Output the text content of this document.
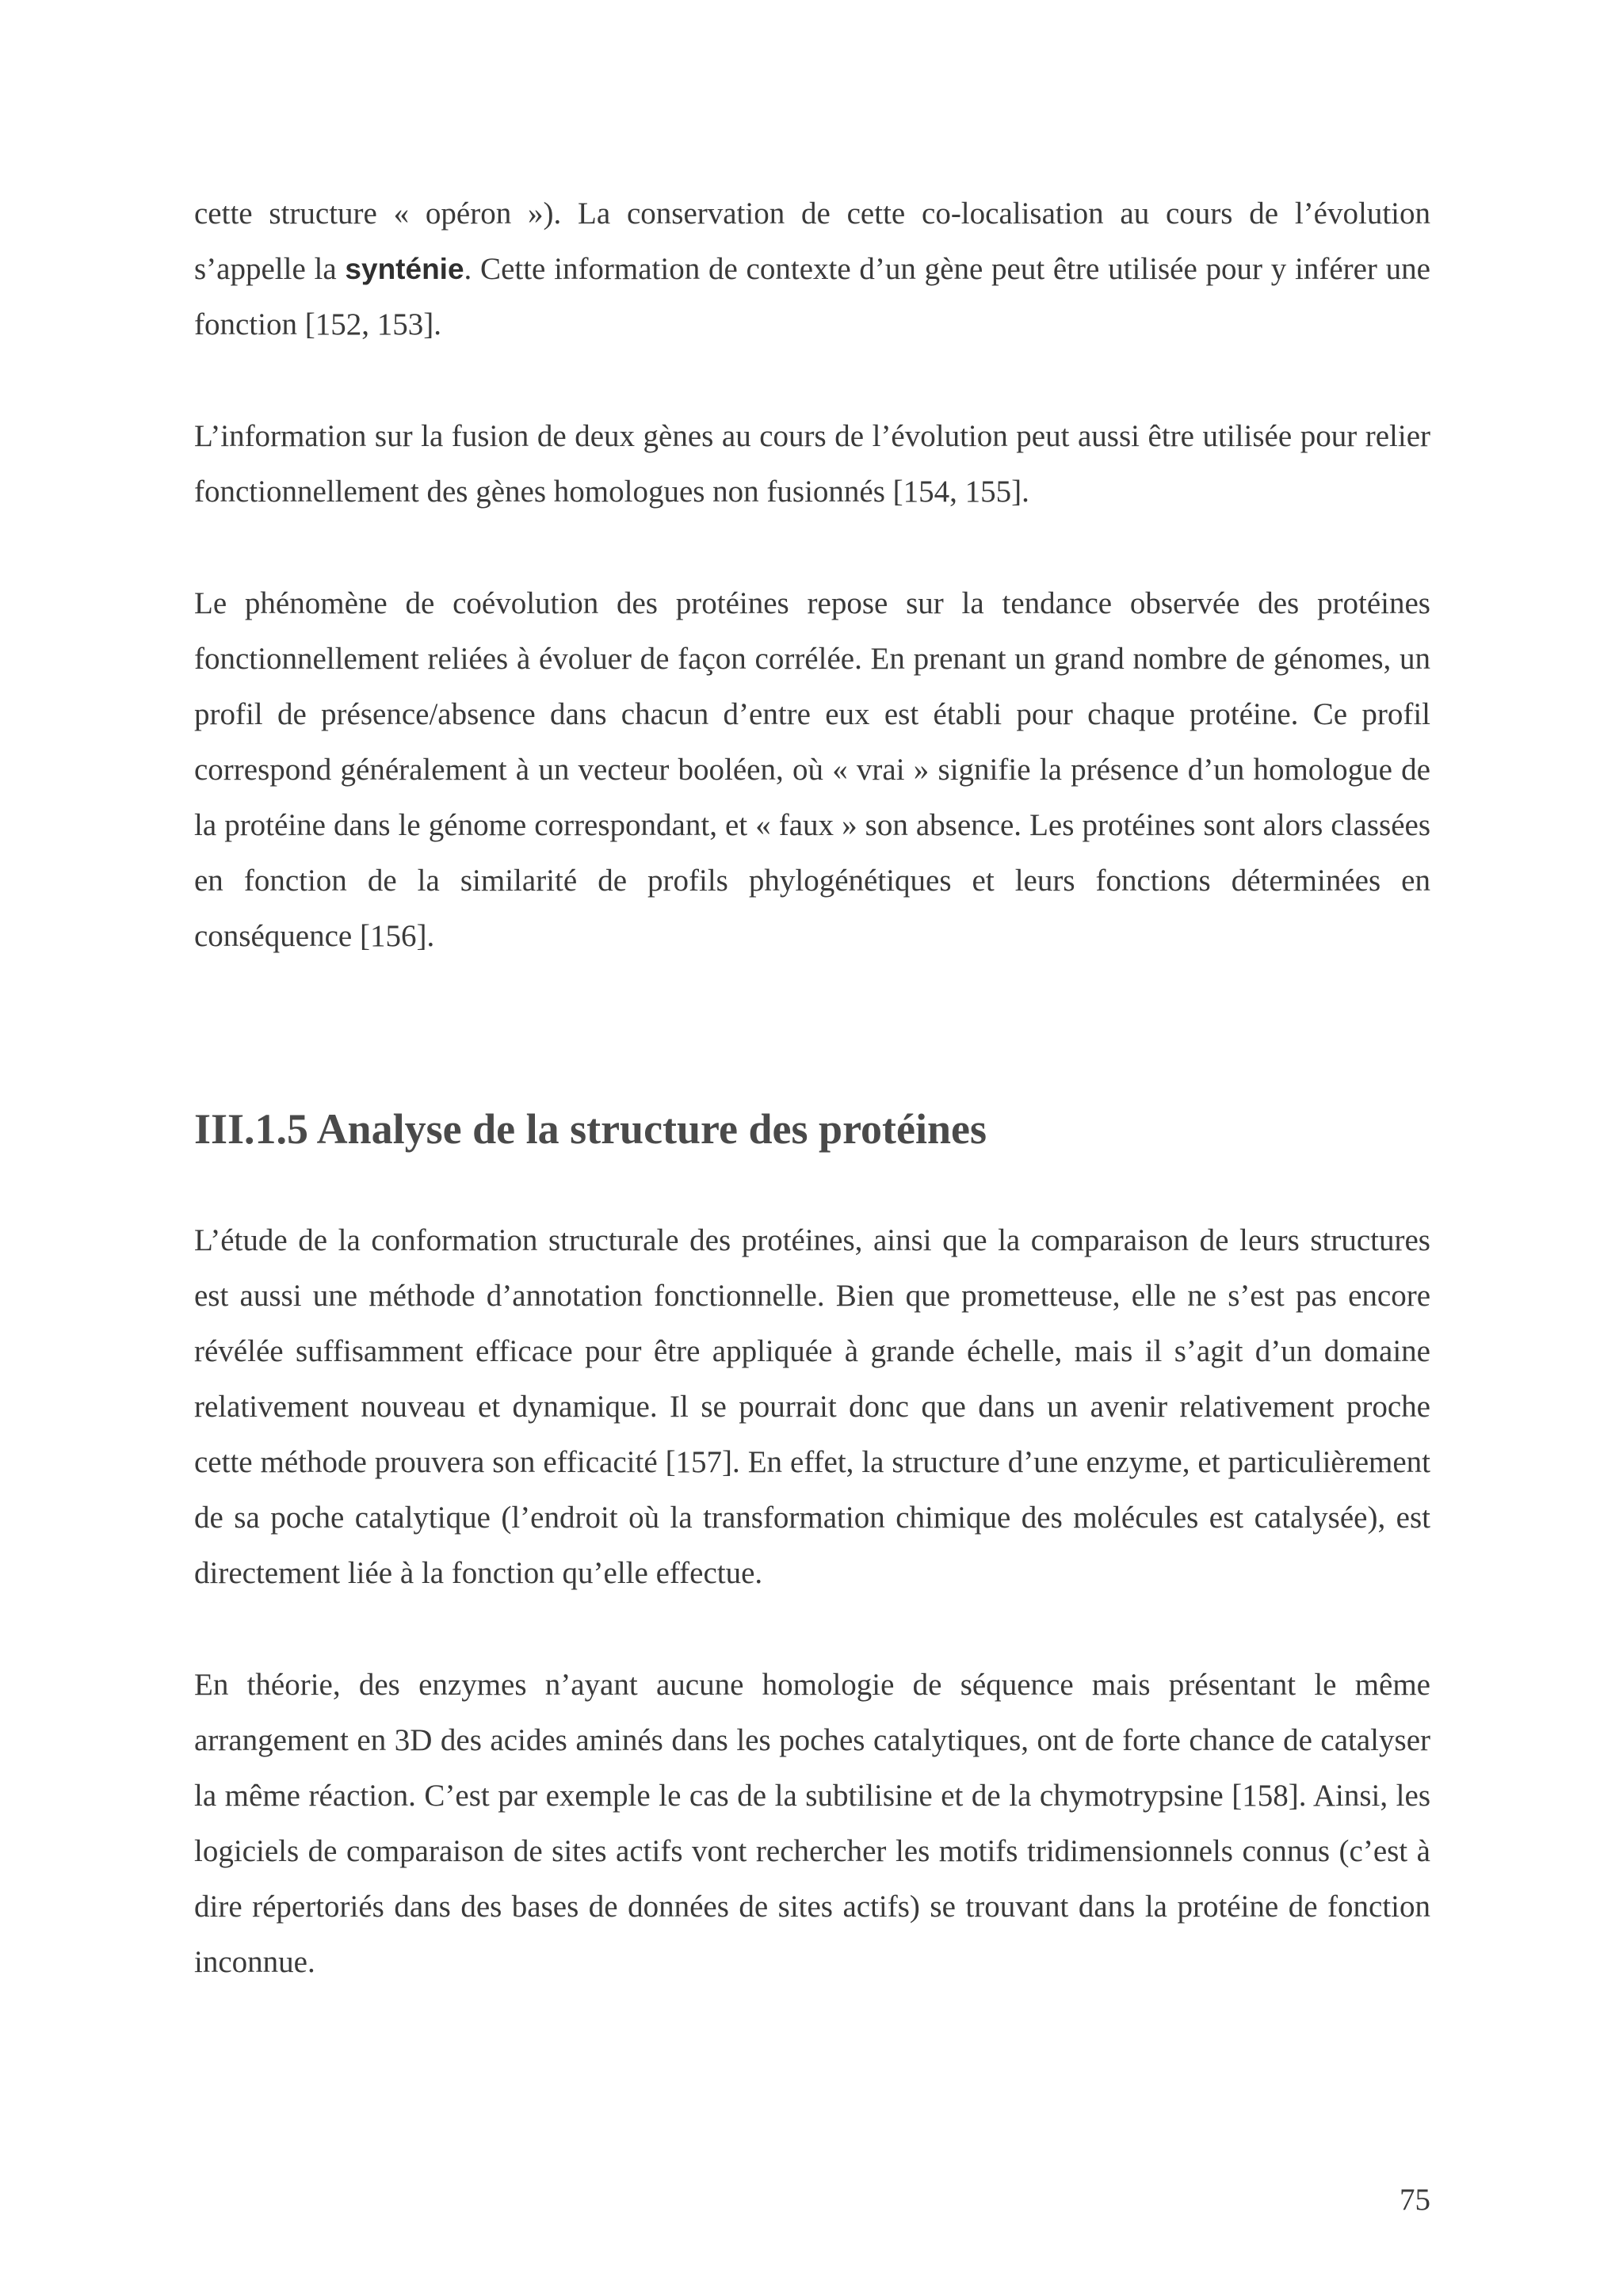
cette structure « opéron »). La conservation de cette co-localisation au cours de l’évolution s’appelle la synténie. Cette information de contexte d’un gène peut être utilisée pour y inférer une fonction [152, 153].

L’information sur la fusion de deux gènes au cours de l’évolution peut aussi être utilisée pour relier fonctionnellement des gènes homologues non fusionnés [154, 155].

Le phénomène de coévolution des protéines repose sur la tendance observée des protéines fonctionnellement reliées à évoluer de façon corrélée. En prenant un grand nombre de génomes, un profil de présence/absence dans chacun d’entre eux est établi pour chaque protéine. Ce profil correspond généralement à un vecteur booléen, où « vrai » signifie la présence d’un homologue de la protéine dans le génome correspondant, et « faux » son absence. Les protéines sont alors classées en fonction de la similarité de profils phylogénétiques et leurs fonctions déterminées en conséquence [156].

III.1.5 Analyse de la structure des protéines

L’étude de la conformation structurale des protéines, ainsi que la comparaison de leurs structures est aussi une méthode d’annotation fonctionnelle. Bien que prometteuse, elle ne s’est pas encore révélée suffisamment efficace pour être appliquée à grande échelle, mais il s’agit d’un domaine relativement nouveau et dynamique. Il se pourrait donc que dans un avenir relativement proche cette méthode prouvera son efficacité [157]. En effet, la structure d’une enzyme, et particulièrement de sa poche catalytique (l’endroit où la transformation chimique des molécules est catalysée), est directement liée à la fonction qu’elle effectue.

En théorie, des enzymes n’ayant aucune homologie de séquence mais présentant le même arrangement en 3D des acides aminés dans les poches catalytiques, ont de forte chance de catalyser la même réaction. C’est par exemple le cas de la subtilisine et de la chymotrypsine [158]. Ainsi, les logiciels de comparaison de sites actifs vont rechercher les motifs tridimensionnels connus (c’est à dire répertoriés dans des bases de données de sites actifs) se trouvant dans la protéine de fonction inconnue.

75
